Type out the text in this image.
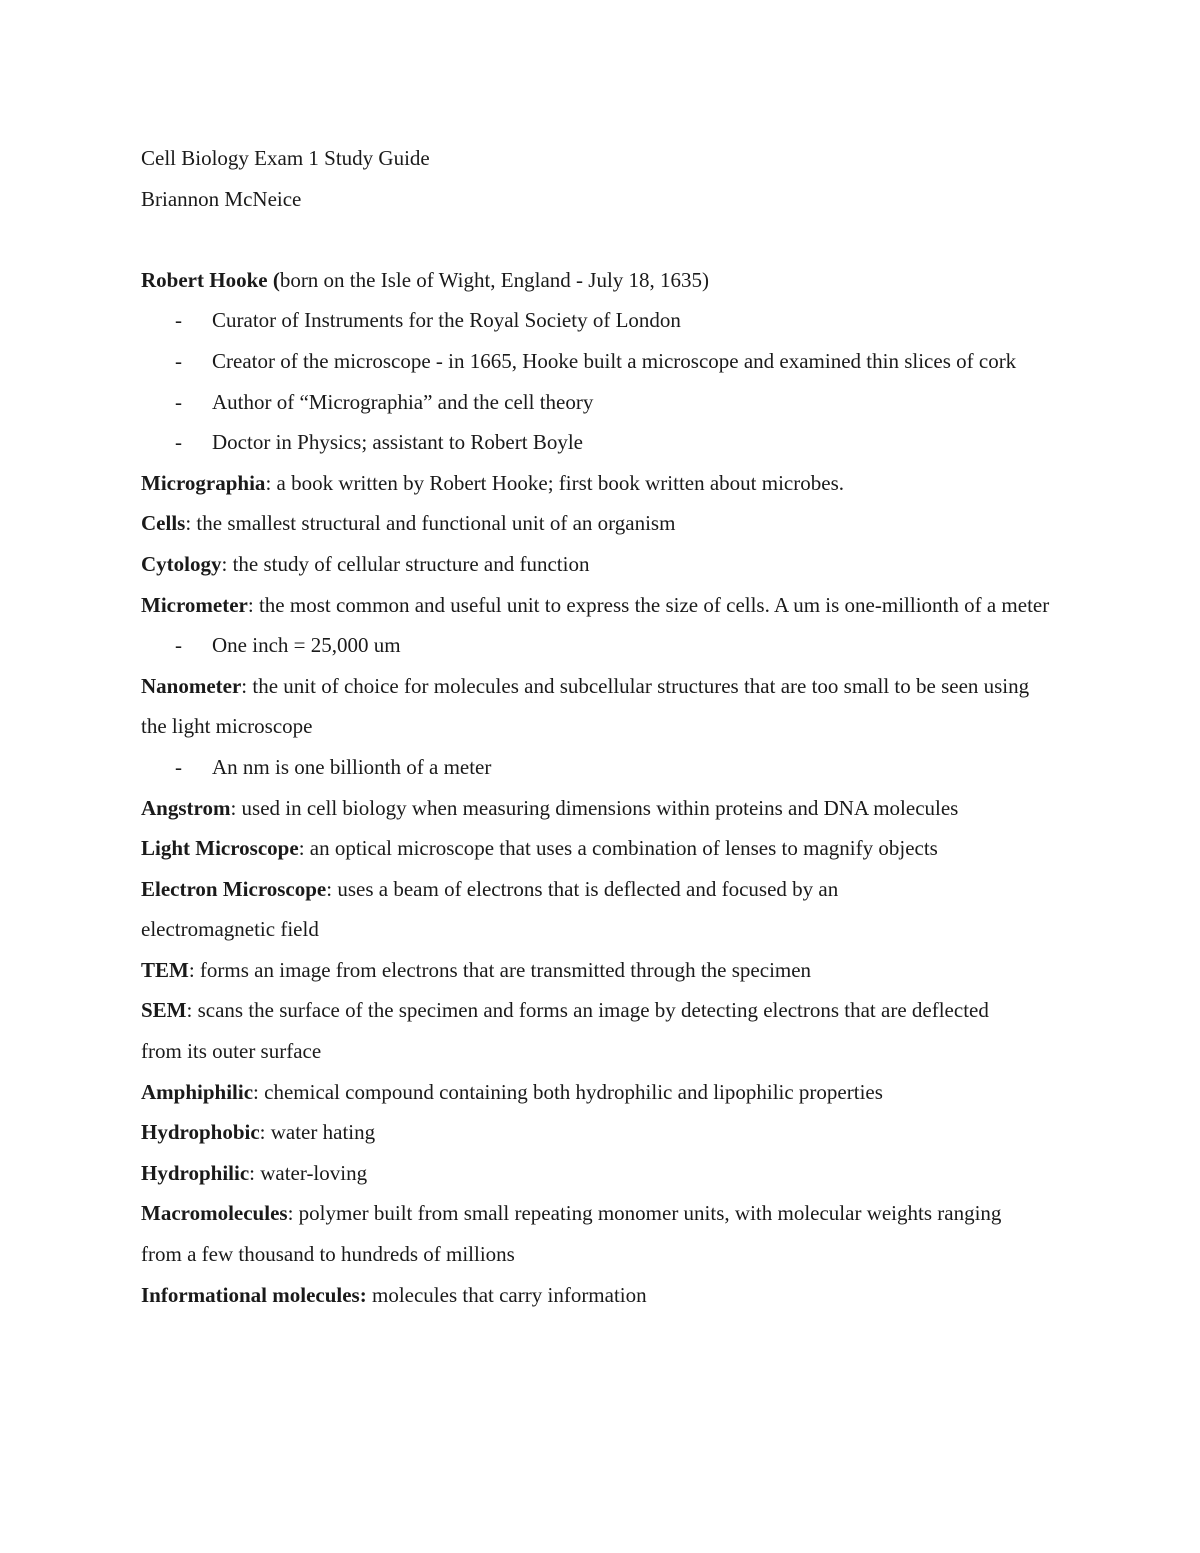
Cell Biology Exam 1 Study Guide
Briannon McNeice
Robert Hooke (born on the Isle of Wight, England - July 18, 1635)
- Curator of Instruments for the Royal Society of London
- Creator of the microscope - in 1665, Hooke built a microscope and examined thin slices of cork
- Author of “Micrographia” and the cell theory
- Doctor in Physics; assistant to Robert Boyle
Micrographia: a book written by Robert Hooke; first book written about microbes.
Cells: the smallest structural and functional unit of an organism
Cytology: the study of cellular structure and function
Micrometer: the most common and useful unit to express the size of cells. A um is one-millionth of a meter
- One inch = 25,000 um
Nanometer: the unit of choice for molecules and subcellular structures that are too small to be seen using the light microscope
- An nm is one billionth of a meter
Angstrom: used in cell biology when measuring dimensions within proteins and DNA molecules
Light Microscope: an optical microscope that uses a combination of lenses to magnify objects
Electron Microscope: uses a beam of electrons that is deflected and focused by an electromagnetic field
TEM: forms an image from electrons that are transmitted through the specimen
SEM: scans the surface of the specimen and forms an image by detecting electrons that are deflected from its outer surface
Amphiphilic: chemical compound containing both hydrophilic and lipophilic properties
Hydrophobic: water hating
Hydrophilic: water-loving
Macromolecules: polymer built from small repeating monomer units, with molecular weights ranging from a few thousand to hundreds of millions
Informational molecules: molecules that carry information
